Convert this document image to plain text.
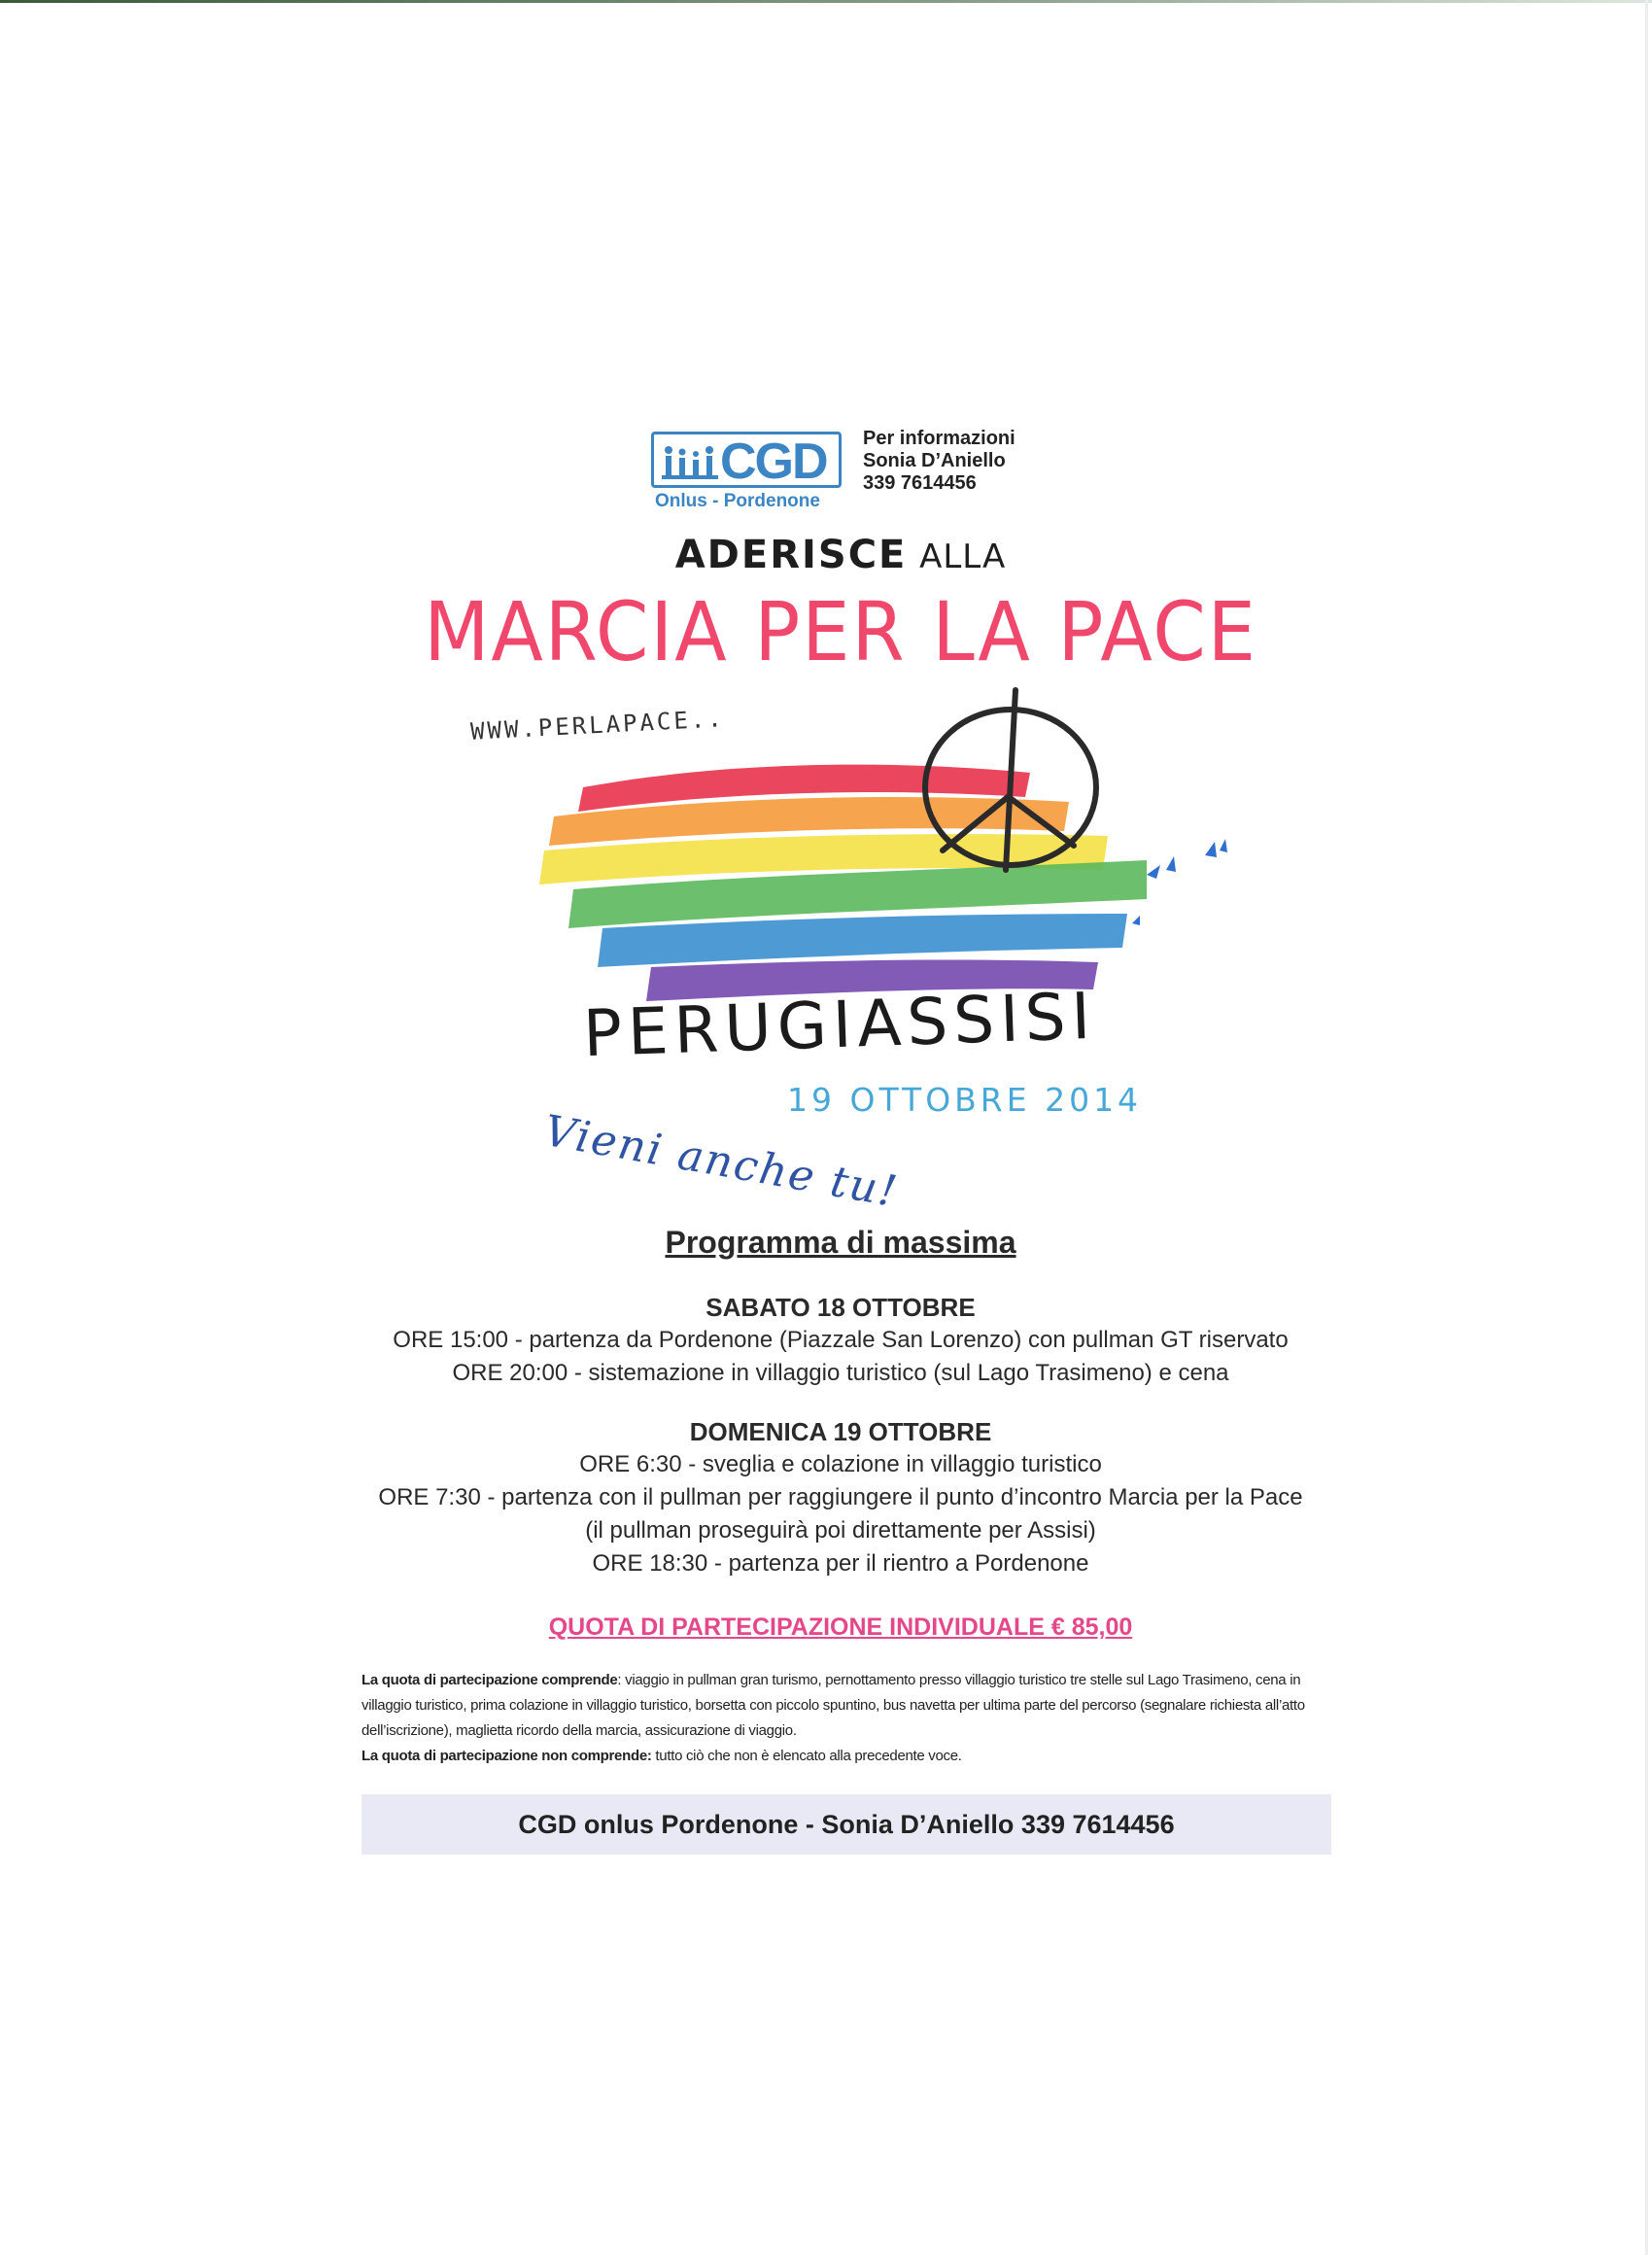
CGD
Onlus - Pordenone
Per informazioni
Sonia D’Aniello
339 7614456
ADERISCE ALLA
MARCIA PER LA PACE
WWW.PERLAPACE..
PERUGIASSISI
19 OTTOBRE 2014
Vieni anche tu!
Programma di massima
SABATO 18 OTTOBRE
ORE 15:00 - partenza da Pordenone (Piazzale San Lorenzo) con pullman GT riservato
ORE 20:00 - sistemazione in villaggio turistico (sul Lago Trasimeno) e cena
DOMENICA 19 OTTOBRE
ORE 6:30 - sveglia e colazione in villaggio turistico
ORE 7:30 - partenza con il pullman per raggiungere il punto d’incontro Marcia per la Pace
(il pullman proseguirà poi direttamente per Assisi)
ORE 18:30 - partenza per il rientro a Pordenone
QUOTA DI PARTECIPAZIONE INDIVIDUALE € 85,00
La quota di partecipazione comprende: viaggio in pullman gran turismo, pernottamento presso villaggio turistico tre stelle sul Lago Trasimeno, cena in villaggio turistico, prima colazione in villaggio turistico, borsetta con piccolo spuntino, bus navetta per ultima parte del percorso (segnalare richiesta all’atto dell’iscrizione), maglietta ricordo della marcia, assicurazione di viaggio.
La quota di partecipazione non comprende: tutto ciò che non è elencato alla precedente voce.
CGD onlus Pordenone - Sonia D’Aniello 339 7614456
